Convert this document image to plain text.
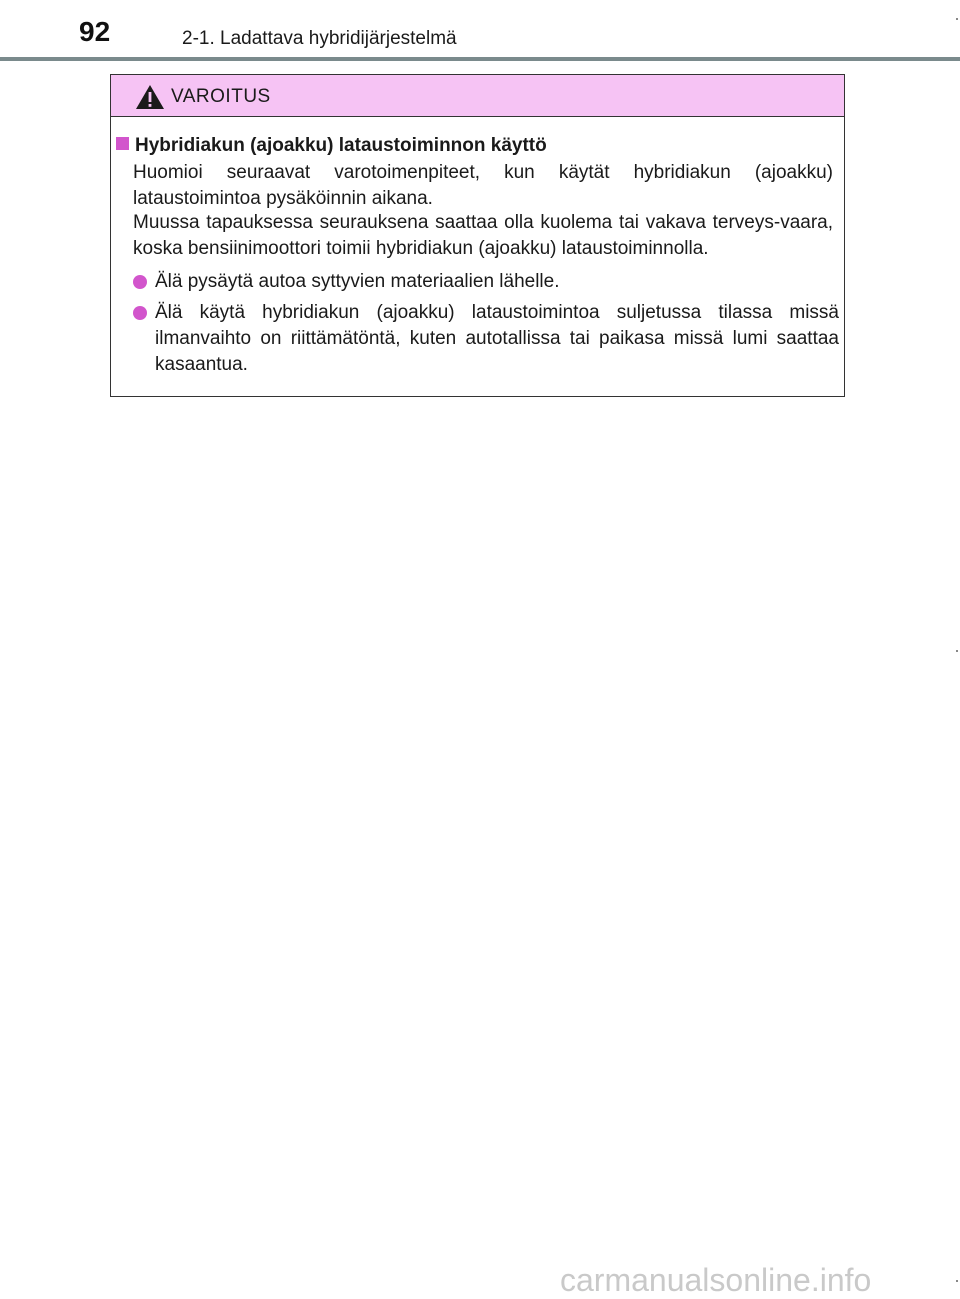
92	2-1. Ladattava hybridijärjestelmä
VAROITUS
Hybridiakun (ajoakku) lataustoiminnon käyttö
Huomioi seuraavat varotoimenpiteet, kun käytät hybridiakun (ajoakku) lataustoimintoa pysäköinnin aikana.
Muussa tapauksessa seurauksena saattaa olla kuolema tai vakava terveys-vaara, koska bensiinimoottori toimii hybridiakun (ajoakku) lataustoiminnolla.
Älä pysäytä autoa syttyvien materiaalien lähelle.
Älä käytä hybridiakun (ajoakku) lataustoimintoa suljetussa tilassa missä ilmanvaihto on riittämätöntä, kuten autotallissa tai paikasa missä lumi saattaa kasaantua.
carmanualsonline.info
